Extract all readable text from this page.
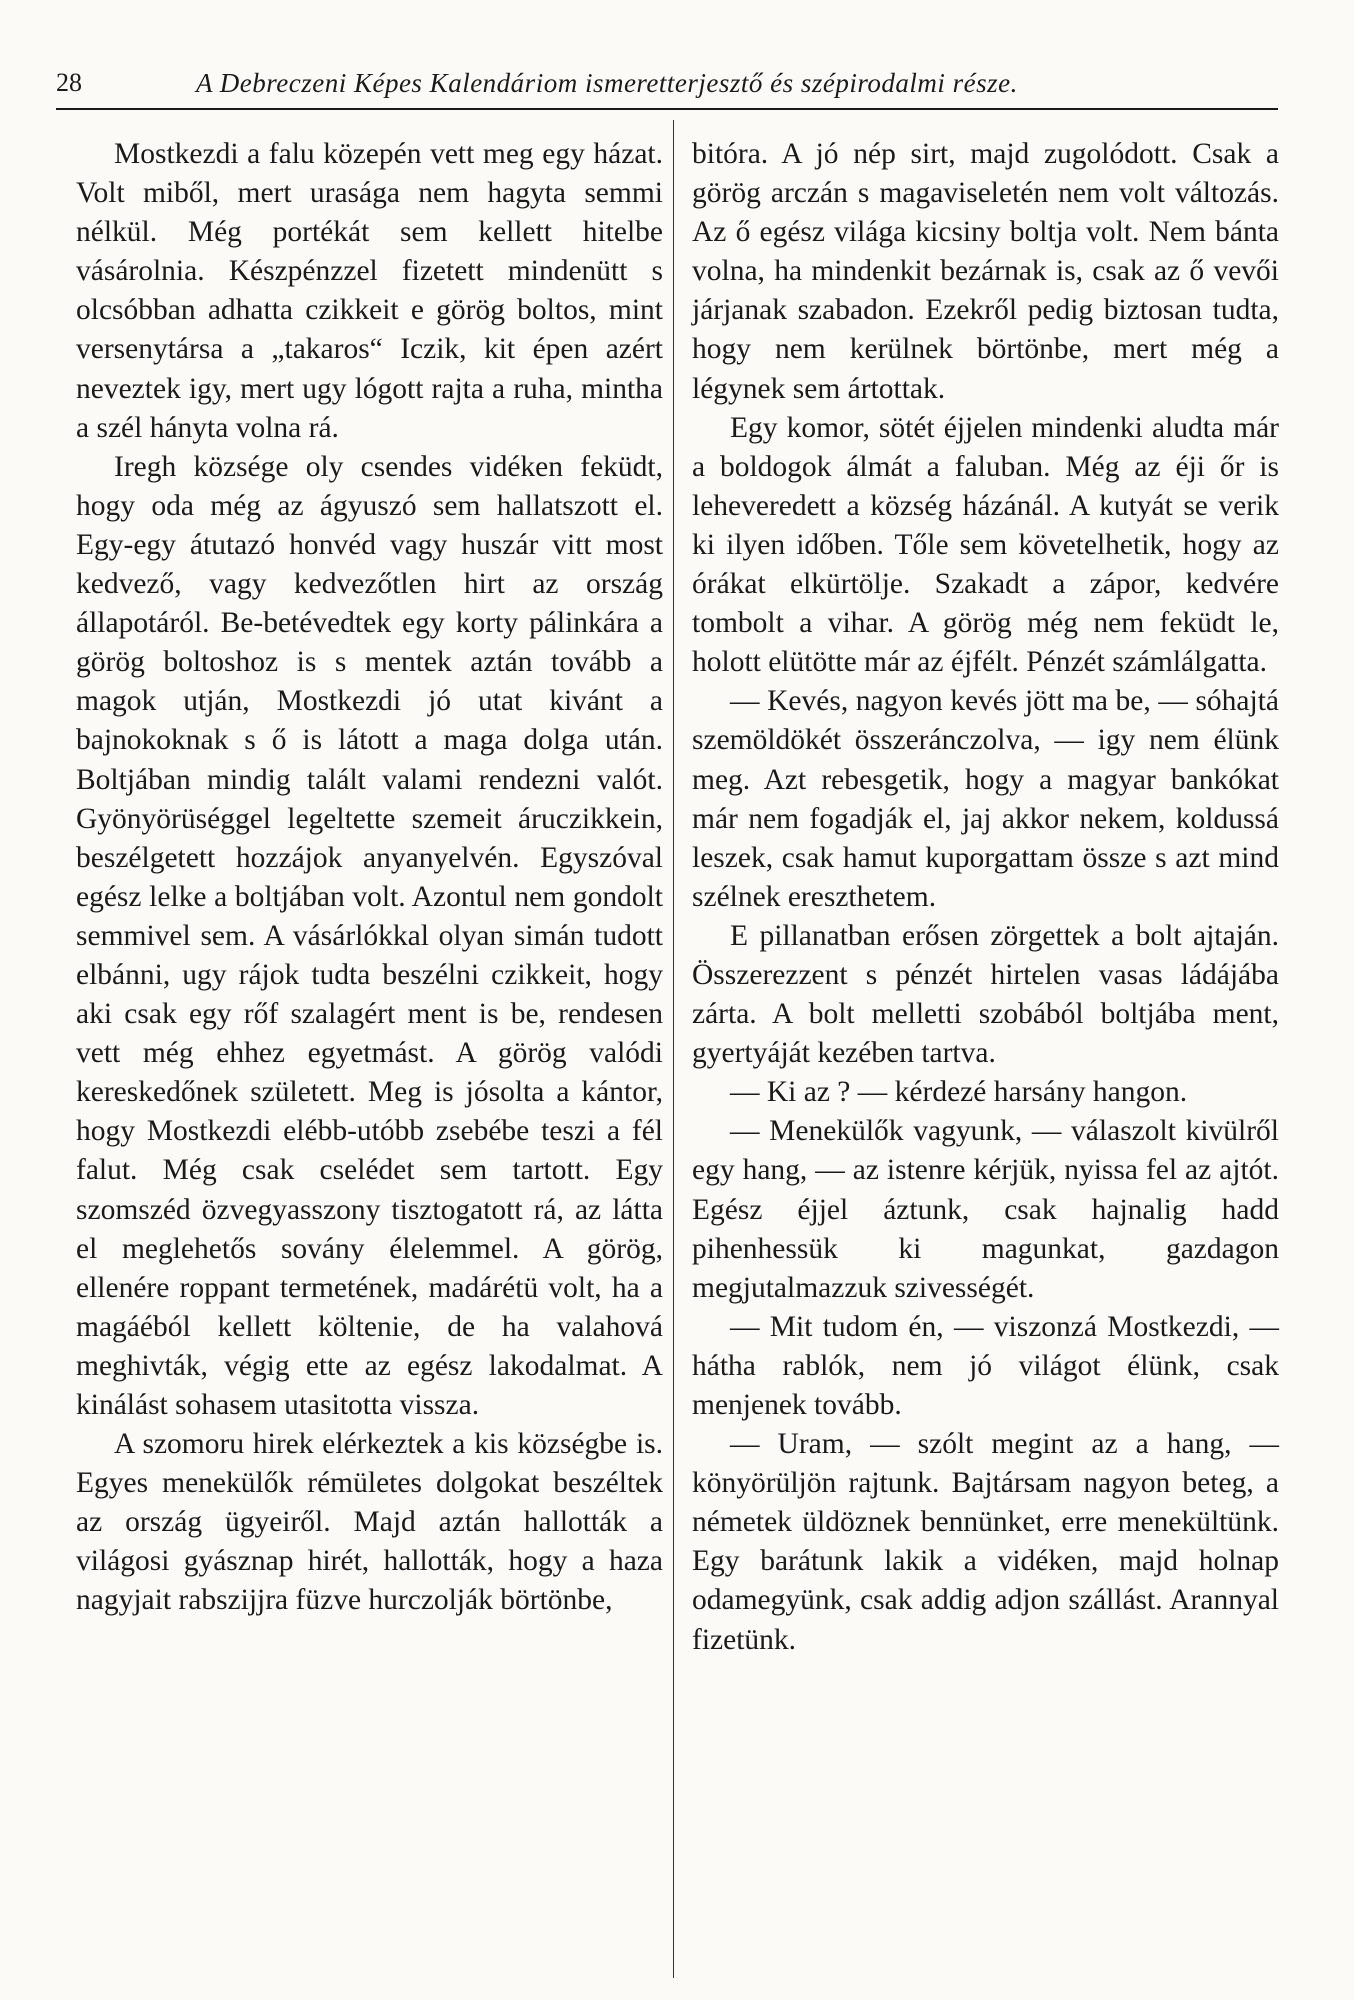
28	A Debreczeni Képes Kalendáriom ismeretterjesztő és szépirodalmi része.

Mostkezdi a falu közepén vett meg egy házat. Volt miből, mert urasága nem hagyta semmi nélkül. Még portékát sem kellett hitelbe vásárolnia. Készpénzzel fizetett mindenütt s olcsóbban adhatta czikkeit e görög boltos, mint versenytársa a „takaros“ Iczik, kit épen azért neveztek igy, mert ugy lógott rajta a ruha, mintha a szél hányta volna rá.

Iregh községe oly csendes vidéken feküdt, hogy oda még az ágyuszó sem hallatszott el. Egy-egy átutazó honvéd vagy huszár vitt most kedvező, vagy kedvezőtlen hirt az ország állapotáról. Be-betévedtek egy korty pálinkára a görög boltoshoz is s mentek aztán tovább a magok utján, Mostkezdi jó utat kivánt a bajnokoknak s ő is látott a maga dolga után. Boltjában mindig talált valami rendezni valót. Gyönyörüséggel legeltette szemeit áruczikkein, beszélgetett hozzájok anyanyelvén. Egyszóval egész lelke a boltjában volt. Azontul nem gondolt semmivel sem. A vásárlókkal olyan simán tudott elbánni, ugy rájok tudta beszélni czikkeit, hogy aki csak egy rőf szalagért ment is be, rendesen vett még ehhez egyetmást. A görög valódi kereskedőnek született. Meg is jósolta a kántor, hogy Mostkezdi elébb-utóbb zsebébe teszi a fél falut. Még csak cselédet sem tartott. Egy szomszéd özvegyasszony tisztogatott rá, az látta el meglehetős sovány élelemmel. A görög, ellenére roppant termetének, madárétü volt, ha a magáéból kellett költenie, de ha valahová meghivták, végig ette az egész lakodalmat. A kinálást sohasem utasitotta vissza.

A szomoru hirek elérkeztek a kis községbe is. Egyes menekülők rémületes dolgokat beszéltek az ország ügyeiről. Majd aztán hallották a világosi gyásznap hirét, hallották, hogy a haza nagyjait rabszijjra füzve hurczolják börtönbe,

bitóra. A jó nép sirt, majd zugolódott. Csak a görög arczán s magaviseletén nem volt változás. Az ő egész világa kicsiny boltja volt. Nem bánta volna, ha mindenkit bezárnak is, csak az ő vevői járjanak szabadon. Ezekről pedig biztosan tudta, hogy nem kerülnek börtönbe, mert még a légynek sem ártottak.

Egy komor, sötét éjjelen mindenki aludta már a boldogok álmát a faluban. Még az éji őr is leheveredett a község házánál. A kutyát se verik ki ilyen időben. Tőle sem követelhetik, hogy az órákat elkürtölje. Szakadt a zápor, kedvére tombolt a vihar. A görög még nem feküdt le, holott elütötte már az éjfélt. Pénzét számlálgatta.

— Kevés, nagyon kevés jött ma be, — sóhajtá szemöldökét összeránczolva, — igy nem élünk meg. Azt rebesgetik, hogy a magyar bankókat már nem fogadják el, jaj akkor nekem, koldussá leszek, csak hamut kuporgattam össze s azt mind szélnek ereszthetem.

E pillanatban erősen zörgettek a bolt ajtaján. Összerezzent s pénzét hirtelen vasas ládájába zárta. A bolt melletti szobából boltjába ment, gyertyáját kezében tartva.

— Ki az ? — kérdezé harsány hangon.

— Menekülők vagyunk, — válaszolt kivülről egy hang, — az istenre kérjük, nyissa fel az ajtót. Egész éjjel áztunk, csak hajnalig hadd pihenhessük ki magunkat, gazdagon megjutalmazzuk szivességét.

— Mit tudom én, — viszonzá Mostkezdi, — hátha rablók, nem jó világot élünk, csak menjenek tovább.

— Uram, — szólt megint az a hang, — könyörüljön rajtunk. Bajtársam nagyon beteg, a németek üldöznek bennünket, erre menekültünk. Egy barátunk lakik a vidéken, majd holnap odamegyünk, csak addig adjon szállást. Arannyal fizetünk.
